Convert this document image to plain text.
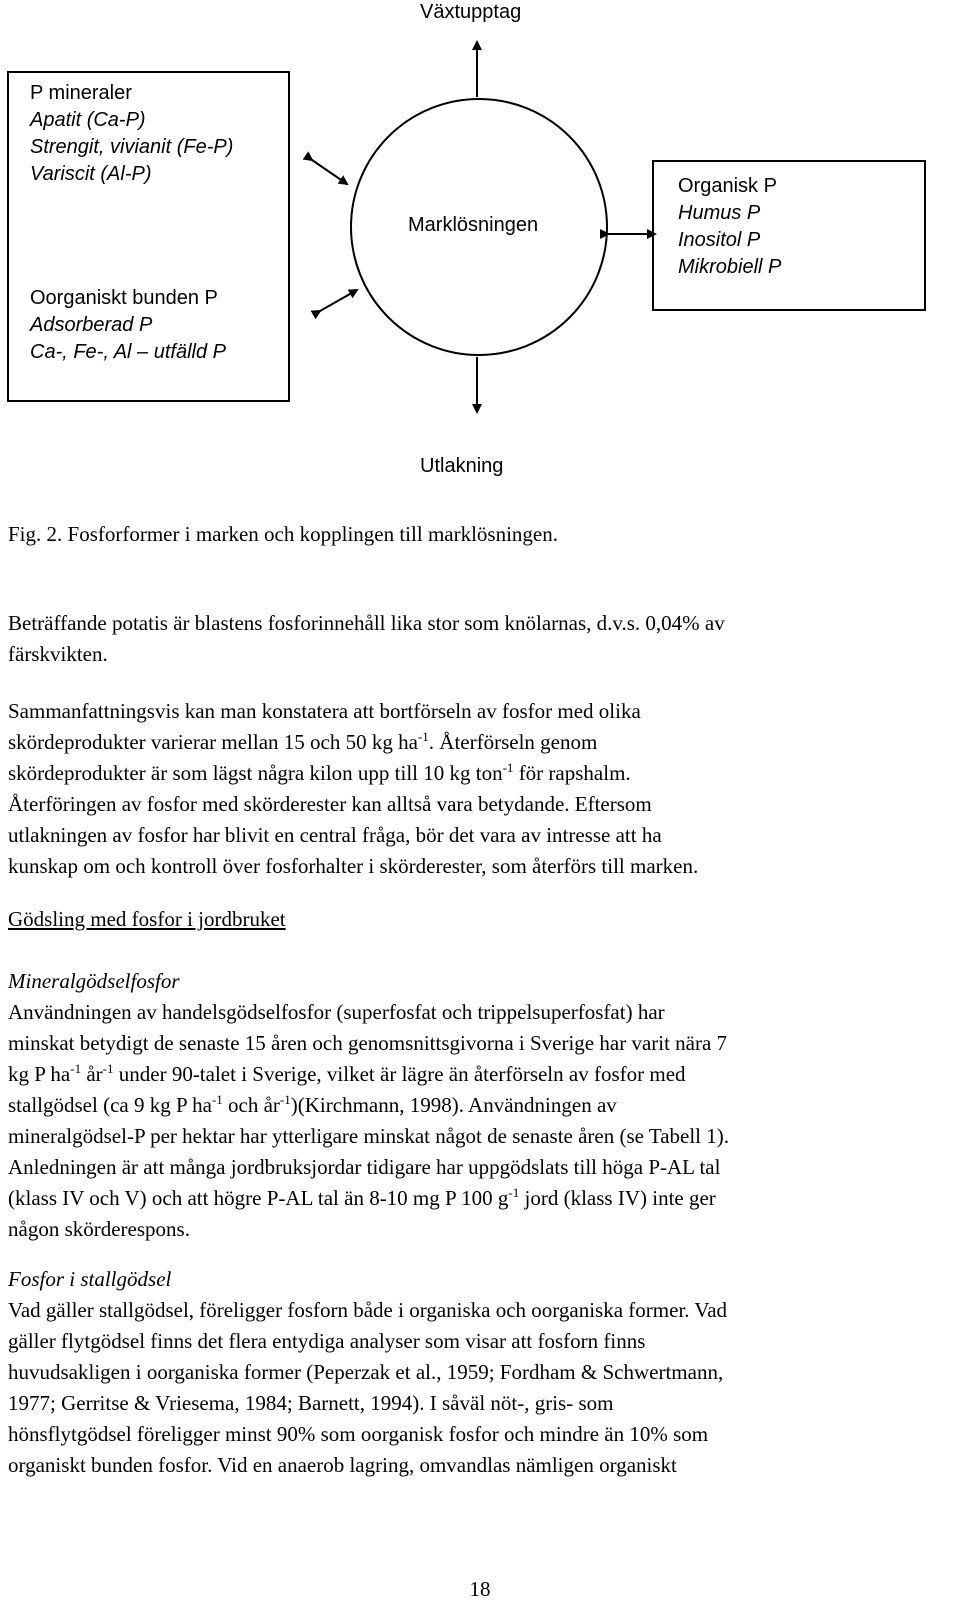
Växtupptag
Utlakning
Marklösningen
P mineraler
Apatit (Ca-P)
Strengit, vivianit (Fe-P)
Variscit (Al-P)
Oorganiskt bunden P
Adsorberad P
Ca-, Fe-, Al – utfälld P
Organisk P
Humus P
Inositol P
Mikrobiell P

Fig. 2. Fosforformer i marken och kopplingen till marklösningen.

Beträffande potatis är blastens fosforinnehåll lika stor som knölarnas, d.v.s. 0,04% av

färskvikten.

Sammanfattningsvis kan man konstatera att bortförseln av fosfor med olika

skördeprodukter varierar mellan 15 och 50 kg $ha^{-1}$. Återförseln genom

skördeprodukter är som lägst några kilon upp till 10 kg ton$^{-1}$ för rapshalm.

Återföringen av fosfor med skörderester kan alltså vara betydande. Eftersom

utlakningen av fosfor har blivit en central fråga, bör det vara av intresse att ha

kunskap om och kontroll över fosforhalter i skörderester, som återförs till marken.

Gödsling med fosfor i jordbruket

Mineralgödselfosfor

Användningen av handelsgödselfosfor (superfosfat och trippelsuperfosfat) har

minskat betydigt de senaste 15 åren och genomsnittsgivorna i Sverige har varit nära 7

kg P $ha^{-1}$ $år^{-1}$ under 90-talet i Sverige, vilket är lägre än återförseln av fosfor med

stallgödsel (ca 9 kg P $ha^{-1}$ och $år^{-1})(Kirchmann$, 1998). Användningen av

mineralgödsel-P per hektar har ytterligare minskat något de senaste åren (se Tabell 1).

Anledningen är att många jordbruksjordar tidigare har uppgödslats till höga P-AL tal

(klass IV och V) och att högre P-AL tal än 8-10 mg P 100 $g^{-1}$ jord (klass IV) inte ger

någon skörderespons.

Fosfor i stallgödsel

Vad gäller stallgödsel, föreligger fosforn både i organiska och oorganiska former. Vad

gäller flytgödsel finns det flera entydiga analyser som visar att fosforn finns

huvudsakligen i oorganiska former (Peperzak et al., 1959; Fordham & Schwertmann,

1977; Gerritse & Vriesema, 1984; Barnett, 1994). I såväl nöt-, gris- som

hönsflytgödsel föreligger minst 90% som oorganisk fosfor och mindre än 10% som

organiskt bunden fosfor. Vid en anaerob lagring, omvandlas nämligen organiskt

18
